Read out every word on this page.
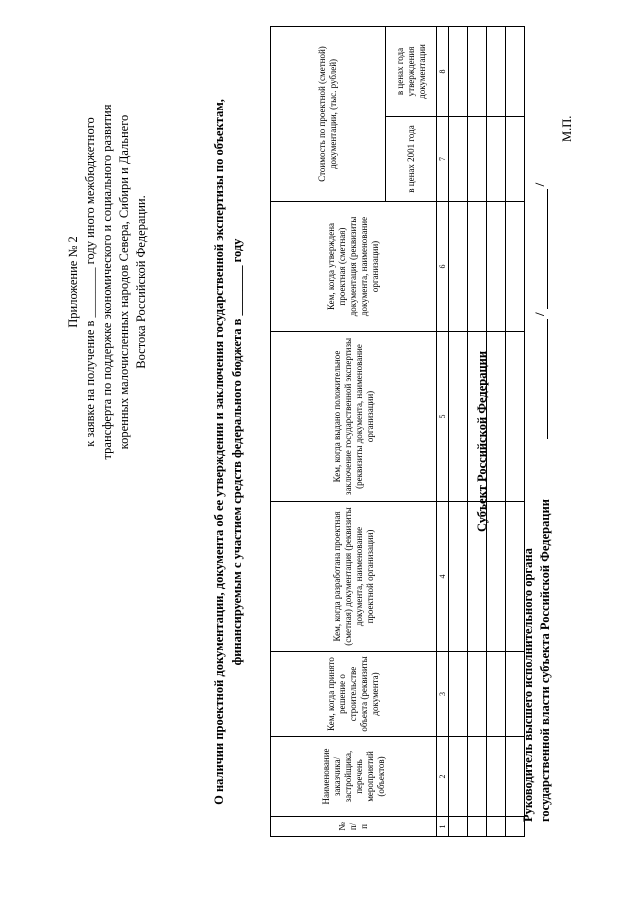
Приложение № 2 к заявке на получение в ________ году иного межбюджетного трансферта по поддержке экономического и социального развития коренных малочисленных народов Севера, Сибири и Дальнего Востока Российской Федерации.	О наличии проектной документации, документа об ее утверждении и заключения государственной экспертизы по объектам, финансируемым с участием средств федерального бюджета в ________ году
№ п/п	Наименование заказчика/ застройщика, перечень мероприятий (объектов)	Кем, когда принято решение о строительстве объекта (реквизиты документа)	Кем, когда разработана проектная (сметная) документация (реквизиты документа, наименование проектной организации)	Кем, когда выдано положительное заключение государственной экспертизы (реквизиты документа, наименование организации)	Кем, когда утверждена проектная (сметная) документация (реквизиты документа, наименование организации)	Стоимость по проектной (сметной) документации, (тыс. рублей)	
						в ценах 2001 года	в ценах года утверждения документации
1	2	3	4	5	6	7	8

Субъект Российской Федерации
Руководитель высшего исполнительного органа государственной власти субъекта Российской Федерации
//
М.П.
